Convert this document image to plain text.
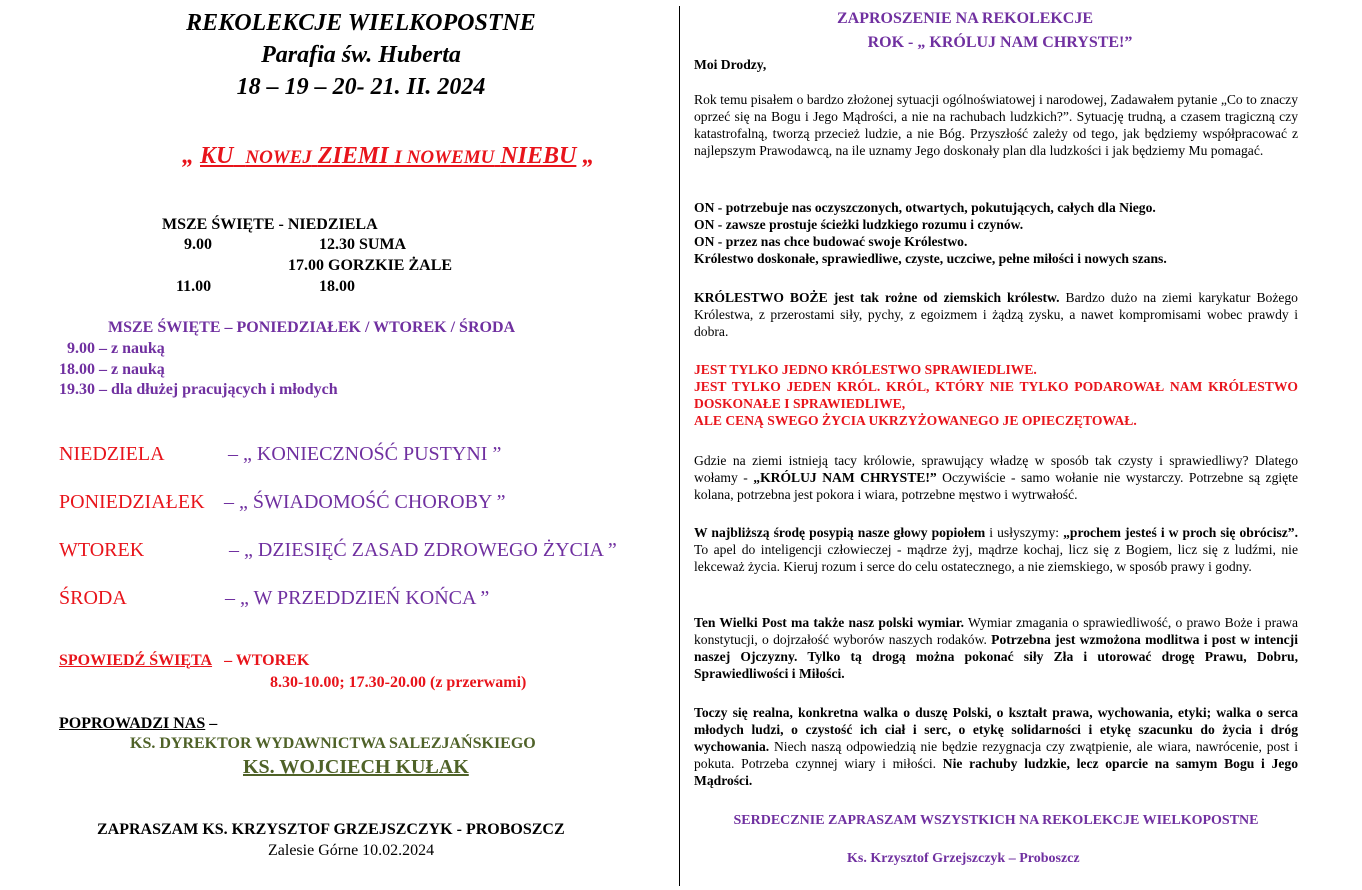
REKOLEKCJE WIELKOPOSTNE
Parafia św. Huberta
18 – 19 – 20- 21. II. 2024
„ KU NOWEJ ZIEMI I NOWEMU NIEBU „
MSZE ŚWIĘTE - NIEDZIELA
9.00	12.30 SUMA
17.00 GORZKIE ŻALE
11.00	18.00
MSZE ŚWIĘTE – PONIEDZIAŁEK / WTOREK / ŚRODA
9.00 – z nauką
18.00 – z nauką
19.30 – dla dłużej pracujących i młodych
NIEDZIELA	– „ KONIECZNOŚĆ PUSTYNI ”
PONIEDZIAŁEK – „ ŚWIADOMOŚĆ CHOROBY ”
WTOREK	– „ DZIESIĘĆ ZASAD ZDROWEGO ŻYCIA ”
ŚRODA	– „ W PRZEDDZIEŃ KOŃCA ”
SPOWIEDŹ ŚWIĘTA – WTOREK
8.30-10.00; 17.30-20.00 (z przerwami)
POPROWADZI NAS –
KS. DYREKTOR WYDAWNICTWA SALEZJAŃSKIEGO
KS. WOJCIECH KUŁAK
ZAPRASZAM KS. KRZYSZTOF GRZEJSZCZYK - PROBOSZCZ
Zalesie Górne 10.02.2024
ZAPROSZENIE NA REKOLEKCJE
ROK - „ KRÓLUJ NAM CHRYSTE!”
Moi Drodzy,

Rok temu pisałem o bardzo złożonej sytuacji ogólnoświatowej i narodowej, Zadawałem pytanie „Co to znaczy oprzeć się na Bogu i Jego Mądrości, a nie na rachubach ludzkich?”. Sytuację trudną, a czasem tragiczną czy katastrofalną, tworzą przecież ludzie, a nie Bóg. Przyszłość zależy od tego, jak będziemy współpracować z najlepszym Prawodawcą, na ile uznamy Jego doskonały plan dla ludzkości i jak będziemy Mu pomagać.

ON - potrzebuje nas oczyszczonych, otwartych, pokutujących, całych dla Niego.

ON - zawsze prostuje ścieżki ludzkiego rozumu i czynów.

ON - przez nas chce budować swoje Królestwo.

Królestwo doskonałe, sprawiedliwe, czyste, uczciwe, pełne miłości i nowych szans.

KRÓLESTWO BOŻE jest tak rożne od ziemskich królestw. Bardzo dużo na ziemi karykatur Bożego Królestwa, z przerostami siły, pychy, z egoizmem i żądzą zysku, a nawet kompromisami wobec prawdy i dobra.

JEST TYLKO JEDNO KRÓLESTWO SPRAWIEDLIWE.

JEST TYLKO JEDEN KRÓL. KRÓL, KTÓRY NIE TYLKO PODAROWAŁ NAM KRÓLESTWO DOSKONAŁE I SPRAWIEDLIWE,

ALE CENĄ SWEGO ŻYCIA UKRZYŻOWANEGO JE OPIECZĘTOWAŁ.

Gdzie na ziemi istnieją tacy królowie, sprawujący władzę w sposób tak czysty i sprawiedliwy? Dlatego wołamy - „KRÓLUJ NAM CHRYSTE!” Oczywiście - samo wołanie nie wystarczy. Potrzebne są zgięte kolana, potrzebna jest pokora i wiara, potrzebne męstwo i wytrwałość.

W najbliższą środę posypią nasze głowy popiołem i usłyszymy: „prochem jesteś i w proch się obrócisz”. To apel do inteligencji człowieczej - mądrze żyj, mądrze kochaj, licz się z Bogiem, licz się z ludźmi, nie lekceważ życia. Kieruj rozum i serce do celu ostatecznego, a nie ziemskiego, w sposób prawy i godny.

Ten Wielki Post ma także nasz polski wymiar. Wymiar zmagania o sprawiedliwość, o prawo Boże i prawa konstytucji, o dojrzałość wyborów naszych rodaków. Potrzebna jest wzmożona modlitwa i post w intencji naszej Ojczyzny. Tylko tą drogą można pokonać siły Zła i utorować drogę Prawu, Dobru, Sprawiedliwości i Miłości.

Toczy się realna, konkretna walka o duszę Polski, o kształt prawa, wychowania, etyki; walka o serca młodych ludzi, o czystość ich ciał i serc, o etykę solidarności i etykę szacunku do życia i dróg wychowania. Niech naszą odpowiedzią nie będzie rezygnacja czy zwątpienie, ale wiara, nawrócenie, post i pokuta. Potrzeba czynnej wiary i miłości. Nie rachuby ludzkie, lecz oparcie na samym Bogu i Jego Mądrości.

SERDECZNIE ZAPRASZAM WSZYSTKICH NA REKOLEKCJE WIELKOPOSTNE
Ks. Krzysztof Grzejszczyk – Proboszcz
